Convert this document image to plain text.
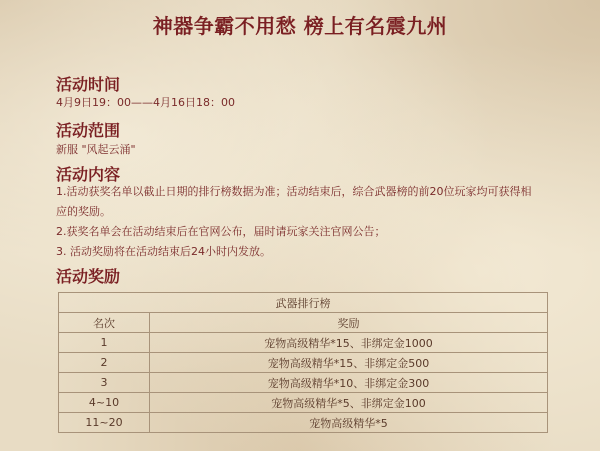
神器争霸不用愁 榜上有名震九州
活动时间

4月9日19：00——4月16日18：00

活动范围

新服 "风起云涌"

活动内容
1.活动获奖名单以截止日期的排行榜数据为准；活动结束后，综合武器榜的前20位玩家均可获得相
应的奖励。
2.获奖名单会在活动结束后在官网公布，届时请玩家关注官网公告；
3. 活动奖励将在活动结束后24小时内发放。
活动奖励
武器排行榜	
名次	奖励
1	宠物高级精华*15、非绑定金1000
2	宠物高级精华*15、非绑定金500
3	宠物高级精华*10、非绑定金300
4~10	宠物高级精华*5、非绑定金100
11~20	宠物高级精华*5
